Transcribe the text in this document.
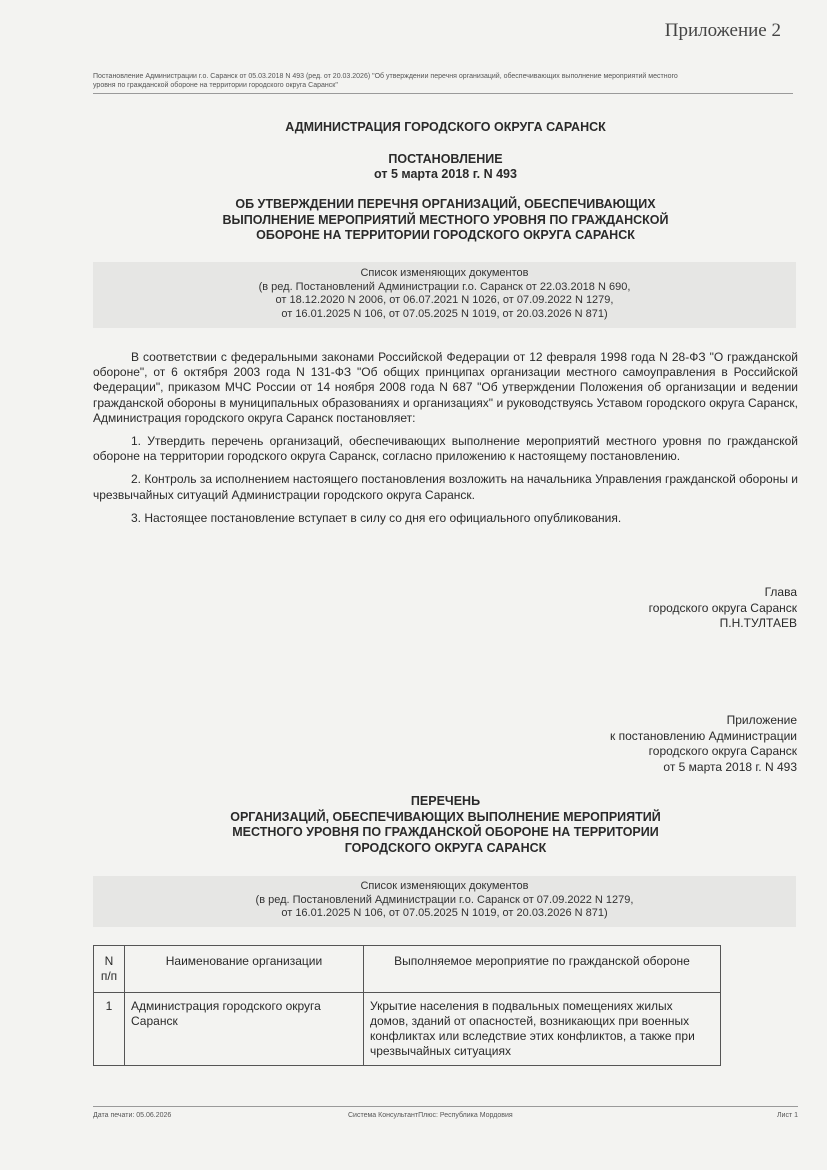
Приложение 2
Постановление Администрации г.о. Саранск от 05.03.2018 N 493 (ред. от 20.03.2026) "Об утверждении перечня организаций, обеспечивающих выполнение мероприятий местного
уровня по гражданской обороне на территории городского округа Саранск"
АДМИНИСТРАЦИЯ ГОРОДСКОГО ОКРУГА САРАНСК
ПОСТАНОВЛЕНИЕ
от 5 марта 2018 г. N 493
ОБ УТВЕРЖДЕНИИ ПЕРЕЧНЯ ОРГАНИЗАЦИЙ, ОБЕСПЕЧИВАЮЩИХ
ВЫПОЛНЕНИЕ МЕРОПРИЯТИЙ МЕСТНОГО УРОВНЯ ПО ГРАЖДАНСКОЙ
ОБОРОНЕ НА ТЕРРИТОРИИ ГОРОДСКОГО ОКРУГА САРАНСК
Список изменяющих документов
(в ред. Постановлений Администрации г.о. Саранск от 22.03.2018 N 690,
от 18.12.2020 N 2006, от 06.07.2021 N 1026, от 07.09.2022 N 1279,
от 16.01.2025 N 106, от 07.05.2025 N 1019, от 20.03.2026 N 871)

В соответствии с федеральными законами Российской Федерации от 12 февраля 1998 года N 28-ФЗ "О гражданской обороне", от 6 октября 2003 года N 131-ФЗ "Об общих принципах организации местного самоуправления в Российской Федерации", приказом МЧС России от 14 ноября 2008 года N 687 "Об утверждении Положения об организации и ведении гражданской обороны в муниципальных образованиях и организациях" и руководствуясь Уставом городского округа Саранск, Администрация городского округа Саранск постановляет:

1. Утвердить перечень организаций, обеспечивающих выполнение мероприятий местного уровня по гражданской обороне на территории городского округа Саранск, согласно приложению к настоящему постановлению.

2. Контроль за исполнением настоящего постановления возложить на начальника Управления гражданской обороны и чрезвычайных ситуаций Администрации городского округа Саранск.

3. Настоящее постановление вступает в силу со дня его официального опубликования.

Глава
городского округа Саранск
П.Н.ТУЛТАЕВ
Приложение
к постановлению Администрации
городского округа Саранск
от 5 марта 2018 г. N 493
ПЕРЕЧЕНЬ
ОРГАНИЗАЦИЙ, ОБЕСПЕЧИВАЮЩИХ ВЫПОЛНЕНИЕ МЕРОПРИЯТИЙ
МЕСТНОГО УРОВНЯ ПО ГРАЖДАНСКОЙ ОБОРОНЕ НА ТЕРРИТОРИИ
ГОРОДСКОГО ОКРУГА САРАНСК
Список изменяющих документов
(в ред. Постановлений Администрации г.о. Саранск от 07.09.2022 N 1279,
от 16.01.2025 N 106, от 07.05.2025 N 1019, от 20.03.2026 N 871)
N
п/п	Наименование организации	Выполняемое мероприятие по гражданской обороне
1	Администрация городского округа Саранск	Укрытие населения в подвальных помещениях жилых домов, зданий от опасностей, возникающих при военных конфликтах или вследствие этих конфликтов, а также при чрезвычайных ситуациях
Дата печати: 05.06.2026	Система КонсультантПлюс: Республика Мордовия	Лист 1
